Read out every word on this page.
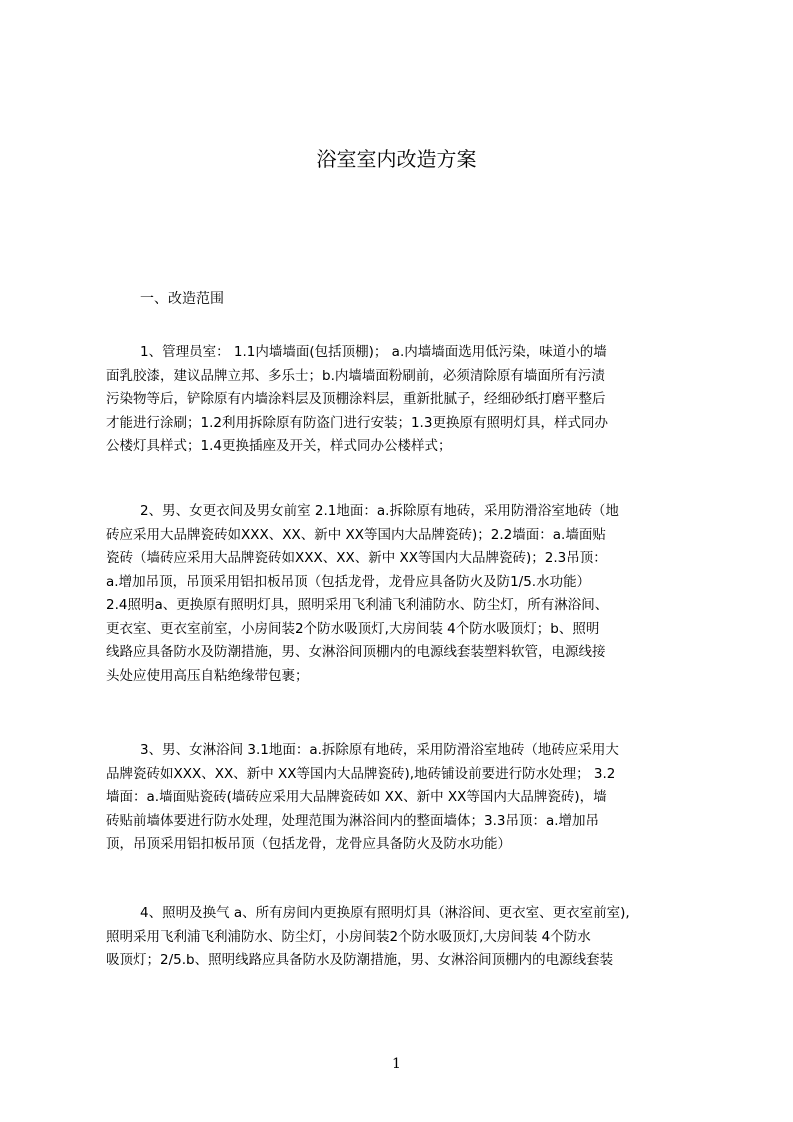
浴室室内改造方案
一、改造范围
1、管理员室： 1.1内墙墙面(包括顶棚)； a.内墙墙面选用低污染，味道小的墙
面乳胶漆，建议品牌立邦、多乐士；b.内墙墙面粉刷前，必须清除原有墙面所有污渍
污染物等后，铲除原有内墙涂料层及顶棚涂料层，重新批腻子，经细砂纸打磨平整后
才能进行涂刷；1.2利用拆除原有防盗门进行安装；1.3更换原有照明灯具，样式同办
公楼灯具样式；1.4更换插座及开关，样式同办公楼样式；
2、男、女更衣间及男女前室 2.1地面：a.拆除原有地砖，采用防滑浴室地砖（地
砖应采用大品牌瓷砖如XXX、XX、新中 XX等国内大品牌瓷砖)；2.2墙面：a.墙面贴
瓷砖（墙砖应采用大品牌瓷砖如XXX、XX、新中 XX等国内大品牌瓷砖)；2.3吊顶：
a.增加吊顶，吊顶采用铝扣板吊顶（包括龙骨，龙骨应具备防火及防1/5.水功能）
2.4照明a、更换原有照明灯具，照明采用飞利浦飞利浦防水、防尘灯，所有淋浴间、
更衣室、更衣室前室，小房间装2个防水吸顶灯,大房间装 4个防水吸顶灯；b、照明
线路应具备防水及防潮措施，男、女淋浴间顶棚内的电源线套装塑料软管，电源线接
头处应使用高压自粘绝缘带包裹；
3、男、女淋浴间 3.1地面：a.拆除原有地砖，采用防滑浴室地砖（地砖应采用大
品牌瓷砖如XXX、XX、新中 XX等国内大品牌瓷砖),地砖铺设前要进行防水处理； 3.2
墙面：a.墙面贴瓷砖(墙砖应采用大品牌瓷砖如 XX、新中 XX等国内大品牌瓷砖)，墙
砖贴前墙体要进行防水处理，处理范围为淋浴间内的整面墙体；3.3吊顶：a.增加吊
顶，吊顶采用铝扣板吊顶（包括龙骨，龙骨应具备防火及防水功能）
4、照明及换气 a、所有房间内更换原有照明灯具（淋浴间、更衣室、更衣室前室),
照明采用飞利浦飞利浦防水、防尘灯，小房间装2个防水吸顶灯,大房间装 4个防水
吸顶灯；2/5.b、照明线路应具备防水及防潮措施，男、女淋浴间顶棚内的电源线套装
1
